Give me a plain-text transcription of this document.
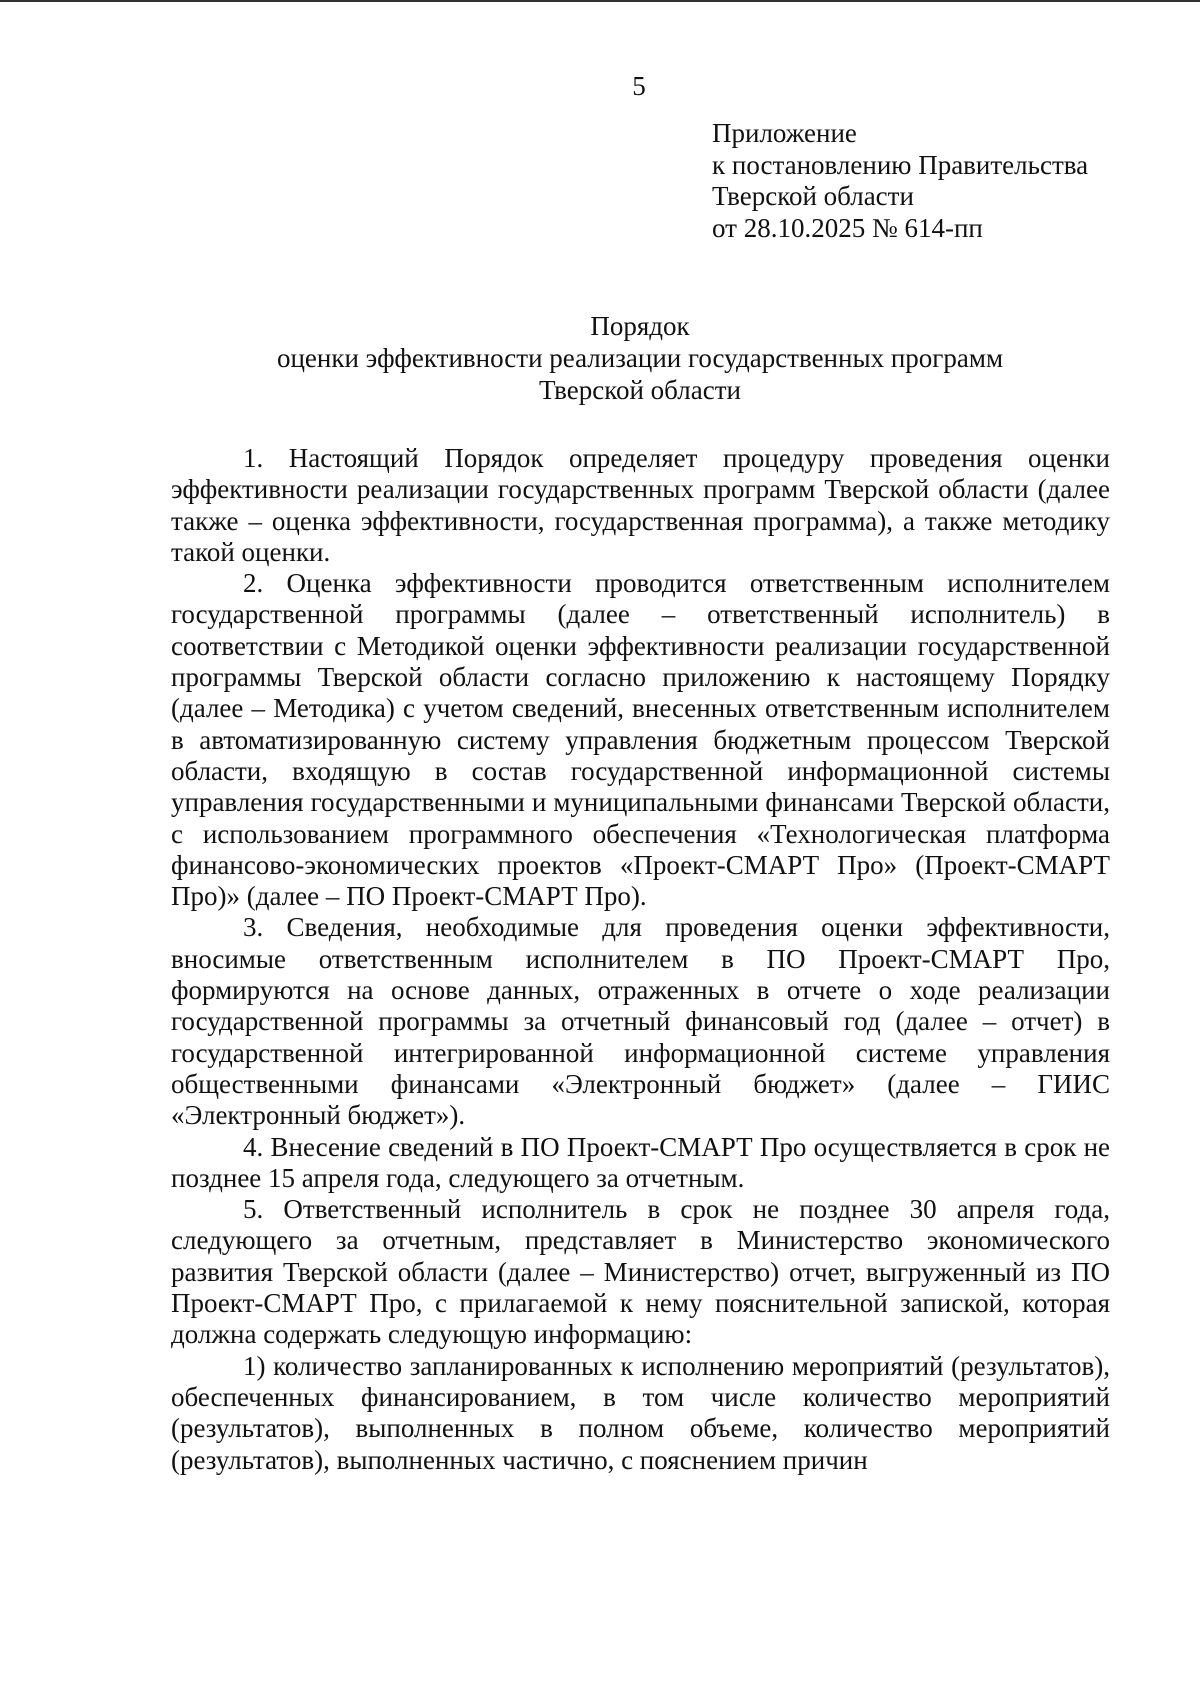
5
Приложение
к постановлению Правительства
Тверской области
от 28.10.2025 № 614-пп
Порядок
оценки эффективности реализации государственных программ
Тверской области

1. Настоящий Порядок определяет процедуру проведения оценки эффективности реализации государственных программ Тверской области (далее также – оценка эффективности, государственная программа), а также методику такой оценки.

2. Оценка эффективности проводится ответственным исполнителем государственной программы (далее – ответственный исполнитель) в соответствии с Методикой оценки эффективности реализации государственной программы Тверской области согласно приложению к настоящему Порядку (далее – Методика) с учетом сведений, внесенных ответственным исполнителем в автоматизированную систему управления бюджетным процессом Тверской области, входящую в состав государственной информационной системы управления государственными и муниципальными финансами Тверской области, с использованием программного обеспечения «Технологическая платформа финансово-экономических проектов «Проект-СМАРТ Про» (Проект-СМАРТ Про)» (далее – ПО Проект-СМАРТ Про).

3. Сведения, необходимые для проведения оценки эффективности, вносимые ответственным исполнителем в ПО Проект-СМАРТ Про, формируются на основе данных, отраженных в отчете о ходе реализации государственной программы за отчетный финансовый год (далее – отчет) в государственной интегрированной информационной системе управления общественными финансами «Электронный бюджет» (далее – ГИИС «Электронный бюджет»).

4. Внесение сведений в ПО Проект-СМАРТ Про осуществляется в срок не позднее 15 апреля года, следующего за отчетным.

5. Ответственный исполнитель в срок не позднее 30 апреля года, следующего за отчетным, представляет в Министерство экономического развития Тверской области (далее – Министерство) отчет, выгруженный из ПО Проект-СМАРТ Про, с прилагаемой к нему пояснительной запиской, которая должна содержать следующую информацию:

1) количество запланированных к исполнению мероприятий (результатов), обеспеченных финансированием, в том числе количество мероприятий (результатов), выполненных в полном объеме, количество мероприятий (результатов), выполненных частично, с пояснением причин
